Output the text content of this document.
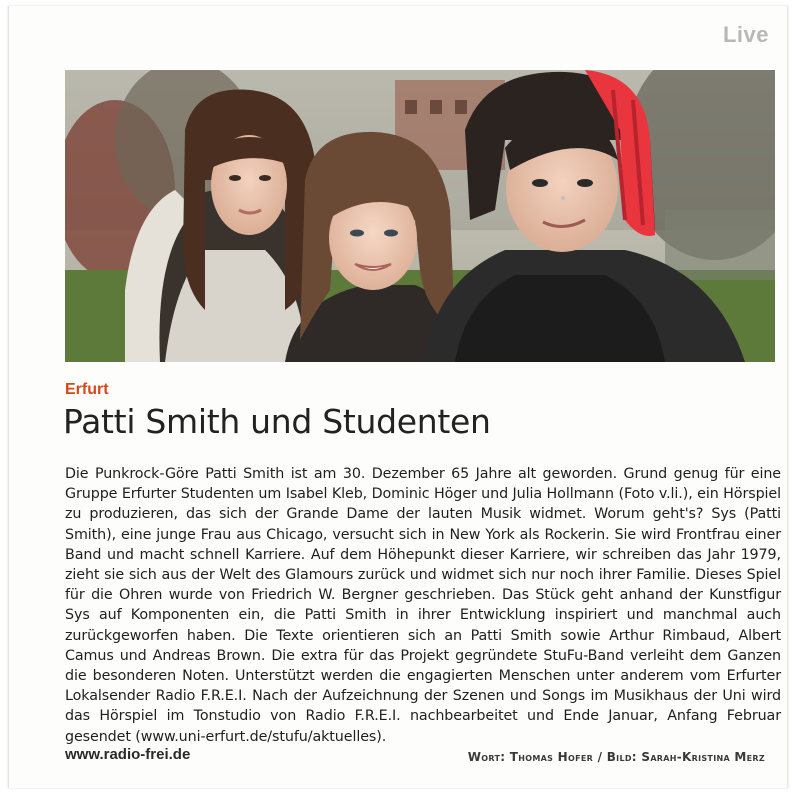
Live
Erfurt
Patti Smith und Studenten

Die Punkrock-Göre Patti Smith ist am 30. Dezember 65 Jahre alt geworden. Grund genug für eine Gruppe Erfurter Studenten um Isabel Kleb, Dominic Höger und Julia Hollmann (Foto v.li.), ein Hörspiel zu produzieren, das sich der Grande Dame der lauten Musik widmet. Worum geht's? Sys (Patti Smith), eine junge Frau aus Chicago, versucht sich in New York als Rockerin. Sie wird Frontfrau einer Band und macht schnell Karriere. Auf dem Höhepunkt dieser Karriere, wir schreiben das Jahr 1979, zieht sie sich aus der Welt des Glamours zurück und widmet sich nur noch ihrer Familie. Dieses Spiel für die Ohren wurde von Friedrich W. Bergner geschrieben. Das Stück geht anhand der Kunstfigur Sys auf Komponenten ein, die Patti Smith in ihrer Entwicklung inspiriert und manchmal auch zurückgeworfen haben. Die Texte orientieren sich an Patti Smith sowie Arthur Rimbaud, Albert Camus und Andreas Brown. Die extra für das Projekt gegründete StuFu-Band verleiht dem Ganzen die besonderen Noten. Unterstützt werden die engagierten Menschen unter anderem vom Erfurter Lokalsender Radio F.R.E.I. Nach der Aufzeichnung der Szenen und Songs im Musikhaus der Uni wird das Hörspiel im Tonstudio von Radio F.R.E.I. nachbearbeitet und Ende Januar, Anfang Februar gesendet (www.uni-erfurt.de/stufu/aktuelles).

www.radio-frei.de	Wort: Thomas Hofer / Bild: Sarah-Kristina Merz
